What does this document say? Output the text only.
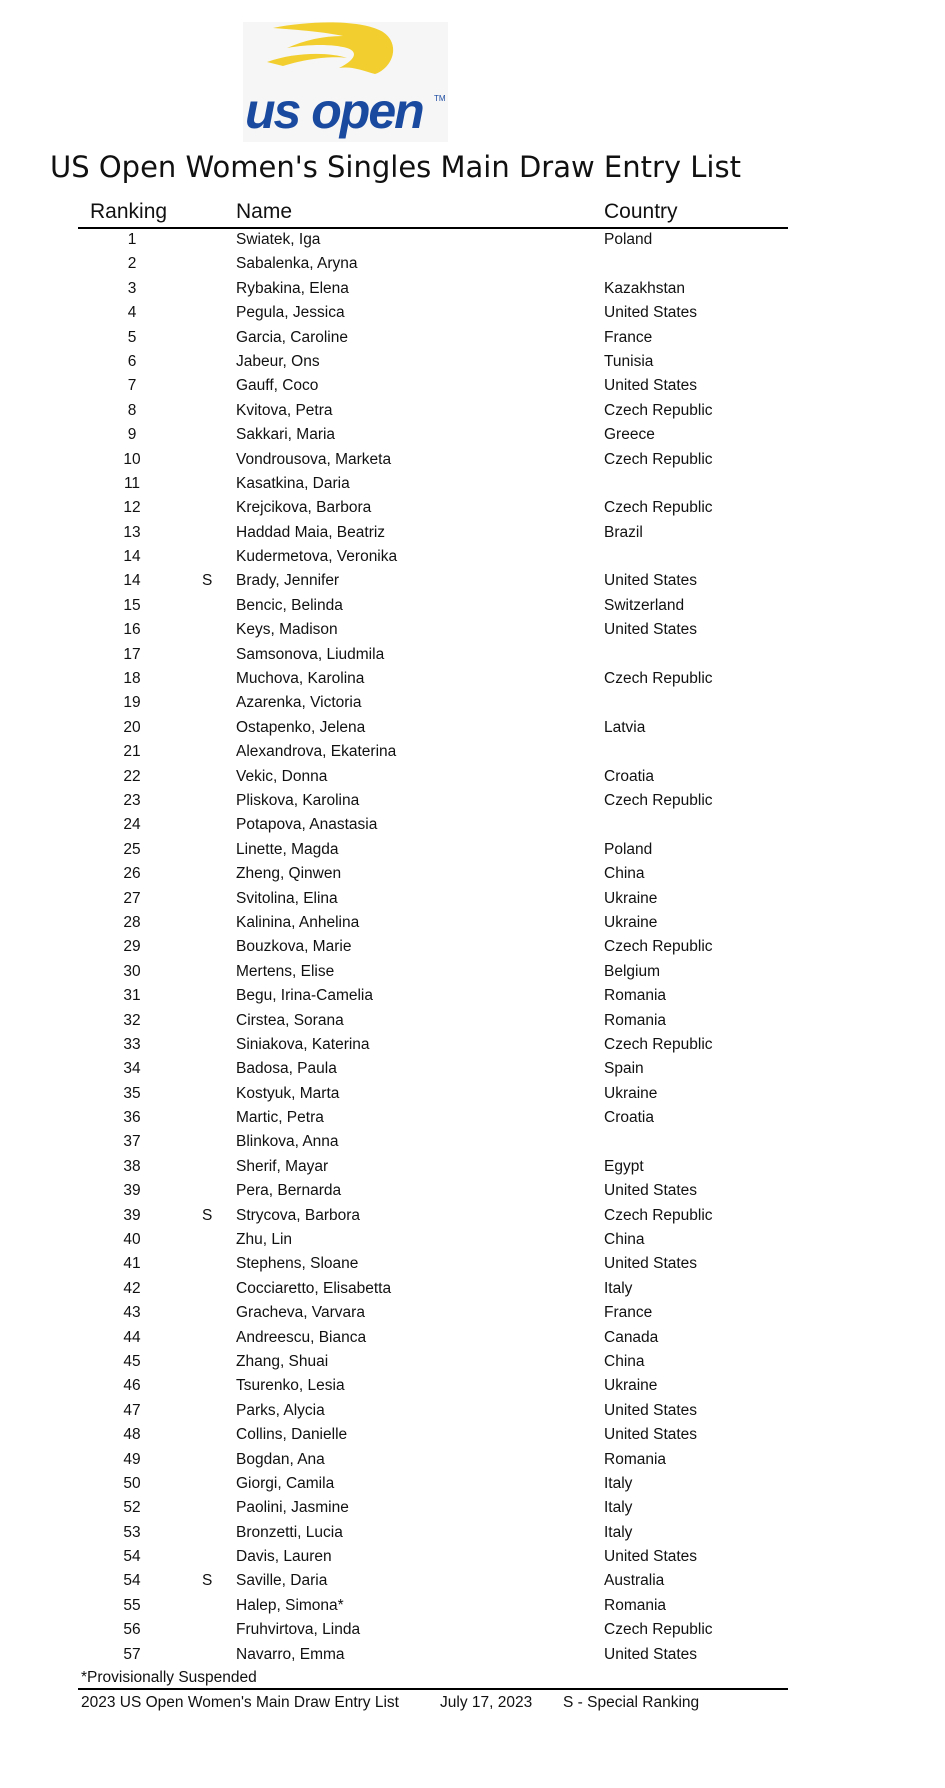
us open TM
US Open Women's Singles Main Draw Entry List
Ranking	Name	Country
1	Swiatek, Iga	Poland
2	Sabalenka, Aryna
3	Rybakina, Elena	Kazakhstan
4	Pegula, Jessica	United States
5	Garcia, Caroline	France
6	Jabeur, Ons	Tunisia
7	Gauff, Coco	United States
8	Kvitova, Petra	Czech Republic
9	Sakkari, Maria	Greece
10	Vondrousova, Marketa	Czech Republic
11	Kasatkina, Daria
12	Krejcikova, Barbora	Czech Republic
13	Haddad Maia, Beatriz	Brazil
14	Kudermetova, Veronika
14	S Brady, Jennifer	United States
15	Bencic, Belinda	Switzerland
16	Keys, Madison	United States
17	Samsonova, Liudmila
18	Muchova, Karolina	Czech Republic
19	Azarenka, Victoria
20	Ostapenko, Jelena	Latvia
21	Alexandrova, Ekaterina
22	Vekic, Donna	Croatia
23	Pliskova, Karolina	Czech Republic
24	Potapova, Anastasia
25	Linette, Magda	Poland
26	Zheng, Qinwen	China
27	Svitolina, Elina	Ukraine
28	Kalinina, Anhelina	Ukraine
29	Bouzkova, Marie	Czech Republic
30	Mertens, Elise	Belgium
31	Begu, Irina-Camelia	Romania
32	Cirstea, Sorana	Romania
33	Siniakova, Katerina	Czech Republic
34	Badosa, Paula	Spain
35	Kostyuk, Marta	Ukraine
36	Martic, Petra	Croatia
37	Blinkova, Anna
38	Sherif, Mayar	Egypt
39	Pera, Bernarda	United States
39	S Strycova, Barbora	Czech Republic
40	Zhu, Lin	China
41	Stephens, Sloane	United States
42	Cocciaretto, Elisabetta	Italy
43	Gracheva, Varvara	France
44	Andreescu, Bianca	Canada
45	Zhang, Shuai	China
46	Tsurenko, Lesia	Ukraine
47	Parks, Alycia	United States
48	Collins, Danielle	United States
49	Bogdan, Ana	Romania
50	Giorgi, Camila	Italy
52	Paolini, Jasmine	Italy
53	Bronzetti, Lucia	Italy
54	Davis, Lauren	United States
54	S Saville, Daria	Australia
55	Halep, Simona*	Romania
56	Fruhvirtova, Linda	Czech Republic
57	Navarro, Emma	United States
*Provisionally Suspended
2023 US Open Women's Main Draw Entry List	July 17, 2023 S - Special Ranking
